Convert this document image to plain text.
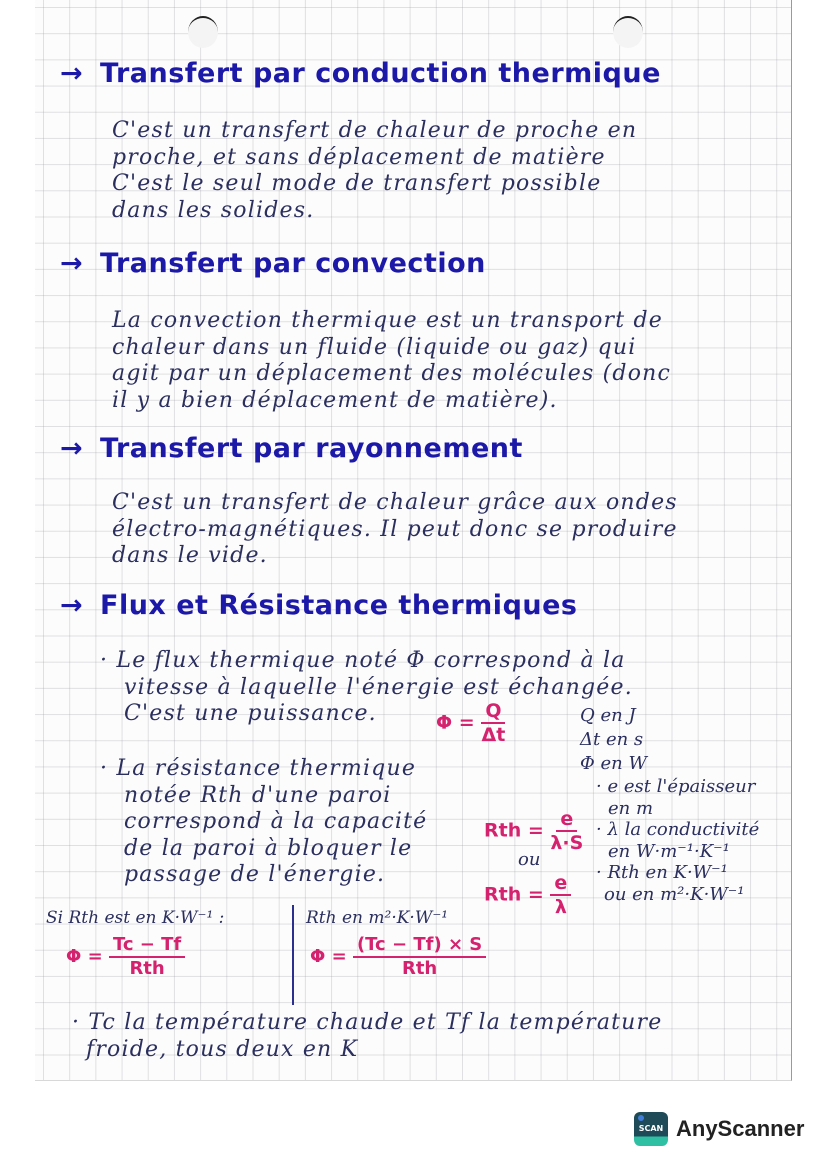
→ Transfert par conduction thermique
C'est un transfert de chaleur de proche en
proche, et sans déplacement de matière
C'est le seul mode de transfert possible
dans les solides.
→ Transfert par convection
La convection thermique est un transport de
chaleur dans un fluide (liquide ou gaz) qui
agit par un déplacement des molécules (donc
il y a bien déplacement de matière).
→ Transfert par rayonnement
C'est un transfert de chaleur grâce aux ondes
électro-magnétiques. Il peut donc se produire
dans le vide.
→ Flux et Résistance thermiques
· Le flux thermique noté Φ correspond à la
vitesse à laquelle l'énergie est échangée.
C'est une puissance.	$\Phi = \frac{Q}{\Delta t}$	Q en J
Δt en s
Φ en W
· La résistance thermique
notée Rth d'une paroi
correspond à la capacité
de la paroi à bloquer le
passage de l'énergie.
Rth = $\frac{e}{\lambda\cdot S}$
ou
Rth = $\frac{e}{\lambda}$
· e est l'épaisseur
en m
· λ la conductivité
en W·m⁻¹·K⁻¹
· Rth en K·W⁻¹
ou en m²·K·W⁻¹
Si Rth est en K·W⁻¹ :
$\Phi = \frac{Tc - Tf}{\text{Rth}}$
Rth en m²·K·W⁻¹
$\Phi = \frac{(Tc - Tf) \times S}{\text{Rth}}$
· Tc la température chaude et Tf la température
froide, tous deux en K
SCAN AnyScanner
